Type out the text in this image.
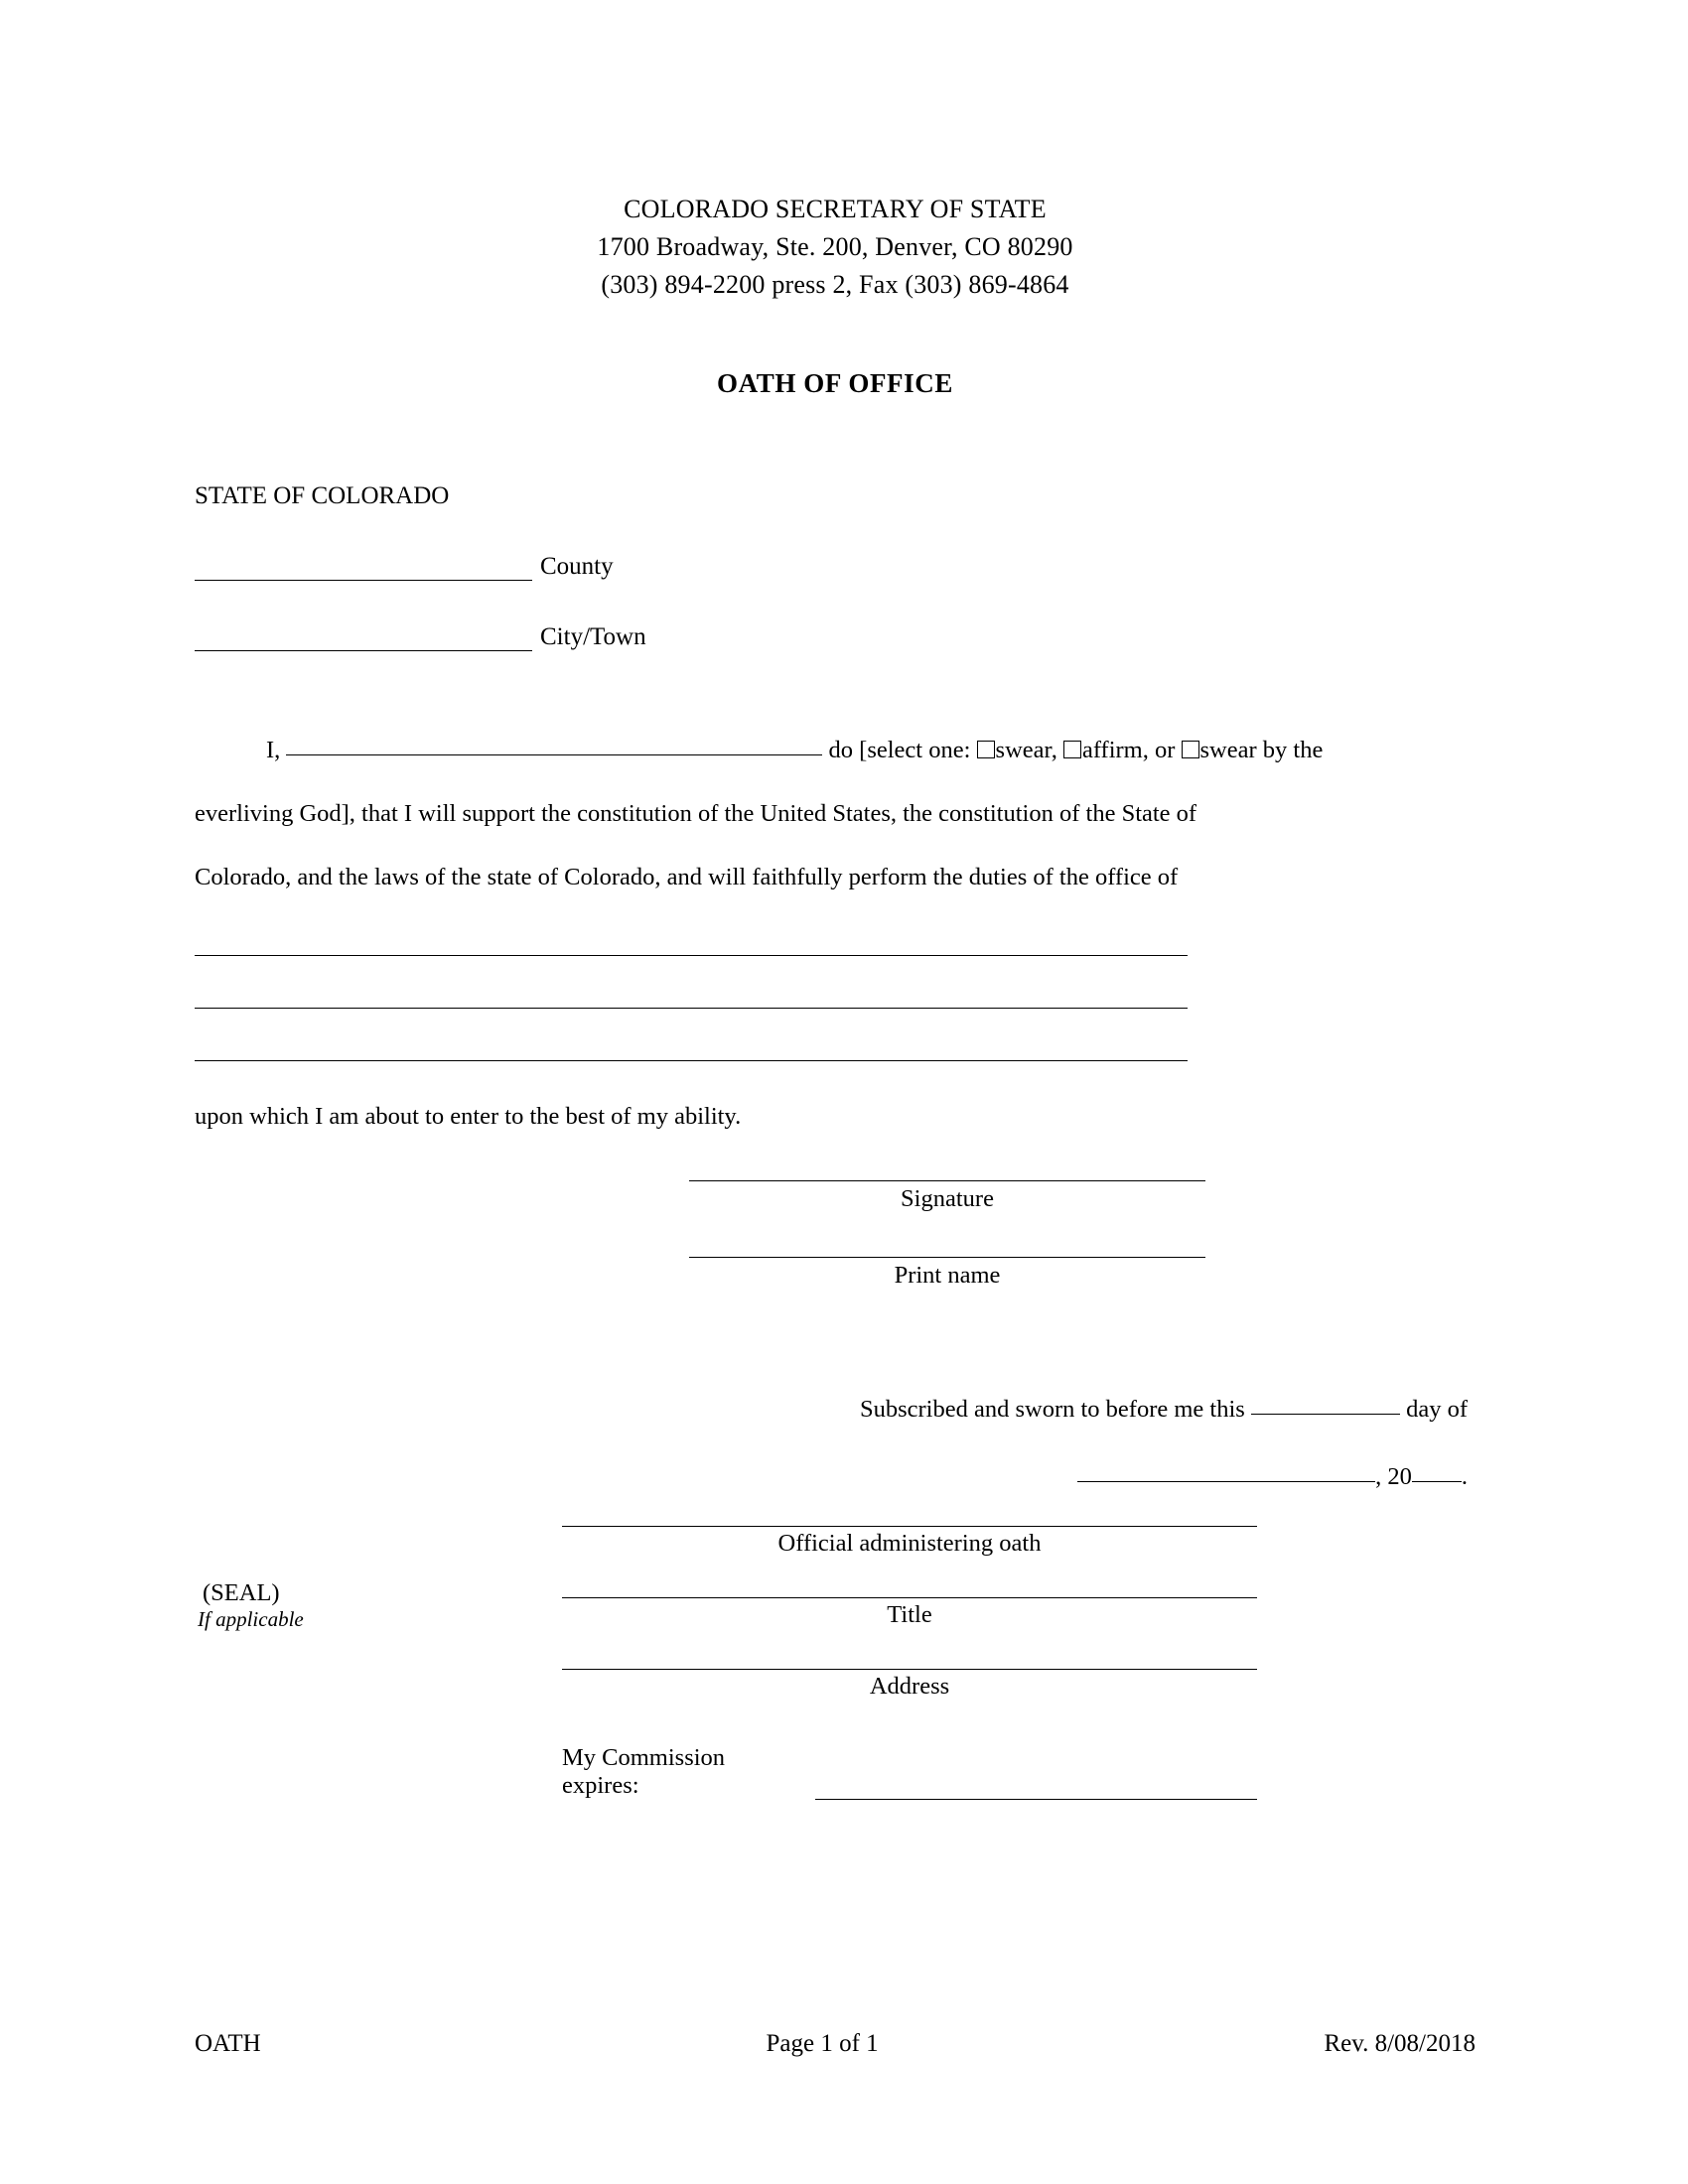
COLORADO SECRETARY OF STATE
1700 Broadway, Ste. 200, Denver, CO 80290
(303) 894-2200 press 2, Fax (303) 869-4864
OATH OF OFFICE
STATE OF COLORADO
County
City/Town
I,	do [select one: swear, affirm, or swear by the
everliving God], that I will support the constitution of the United States, the constitution of the State of
Colorado, and the laws of the state of Colorado, and will faithfully perform the duties of the office of
upon which I am about to enter to the best of my ability.
Signature
Print name
Subscribed and sworn to before me this	day of
, 20 .
Official administering oath
(SEAL)
If applicable	Title
Address
My Commission expires:
OATH	Page 1 of 1	Rev. 8/08/2018
